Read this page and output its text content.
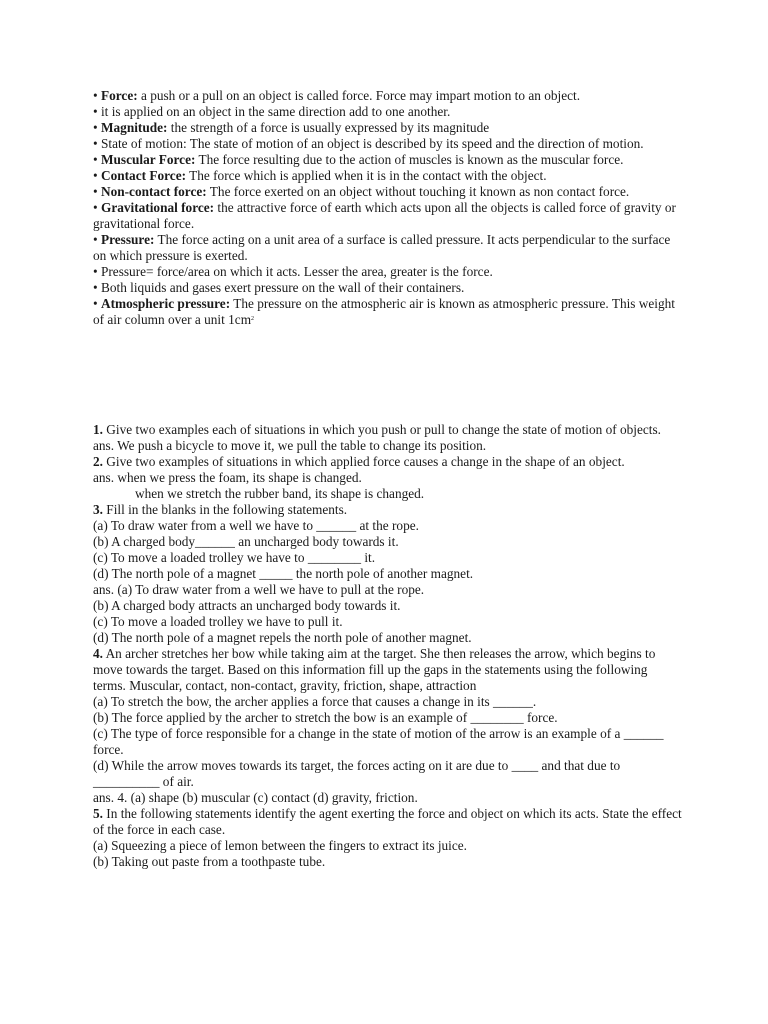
• Force: a push or a pull on an object is called force. Force may impart motion to an object.
• it is applied on an object in the same direction add to one another.
• Magnitude: the strength of a force is usually expressed by its magnitude
• State of motion: The state of motion of an object is described by its speed and the direction of motion.
• Muscular Force: The force resulting due to the action of muscles is known as the muscular force.
• Contact Force: The force which is applied when it is in the contact with the object.
• Non-contact force: The force exerted on an object without touching it known as non contact force.
• Gravitational force: the attractive force of earth which acts upon all the objects is called force of gravity or gravitational force.
• Pressure: The force acting on a unit area of a surface is called pressure. It acts perpendicular to the surface on which pressure is exerted.
• Pressure= force/area on which it acts. Lesser the area, greater is the force.
• Both liquids and gases exert pressure on the wall of their containers.
• Atmospheric pressure: The pressure on the atmospheric air is known as atmospheric pressure. This weight of air column over a unit $1cm^2$
1. Give two examples each of situations in which you push or pull to change the state of motion of objects.
ans. We push a bicycle to move it, we pull the table to change its position.
2. Give two examples of situations in which applied force causes a change in the shape of an object.
ans. when we press the foam, its shape is changed.
when we stretch the rubber band, its shape is changed.
3. Fill in the blanks in the following statements.
(a) To draw water from a well we have to ______ at the rope.
(b) A charged body______ an uncharged body towards it.
(c) To move a loaded trolley we have to ________ it.
(d) The north pole of a magnet _____ the north pole of another magnet.
ans. (a) To draw water from a well we have to pull at the rope.
(b) A charged body attracts an uncharged body towards it.
(c) To move a loaded trolley we have to pull it.
(d) The north pole of a magnet repels the north pole of another magnet.
4. An archer stretches her bow while taking aim at the target. She then releases the arrow, which begins to move towards the target. Based on this information fill up the gaps in the statements using the following terms. Muscular, contact, non-contact, gravity, friction, shape, attraction
(a) To stretch the bow, the archer applies a force that causes a change in its ______.
(b) The force applied by the archer to stretch the bow is an example of ________ force.
(c) The type of force responsible for a change in the state of motion of the arrow is an example of a ______ force.
(d) While the arrow moves towards its target, the forces acting on it are due to ____ and that due to __________ of air.
ans. 4. (a) shape (b) muscular (c) contact (d) gravity, friction.
5. In the following statements identify the agent exerting the force and object on which its acts. State the effect of the force in each case.
(a) Squeezing a piece of lemon between the fingers to extract its juice.
(b) Taking out paste from a toothpaste tube.
